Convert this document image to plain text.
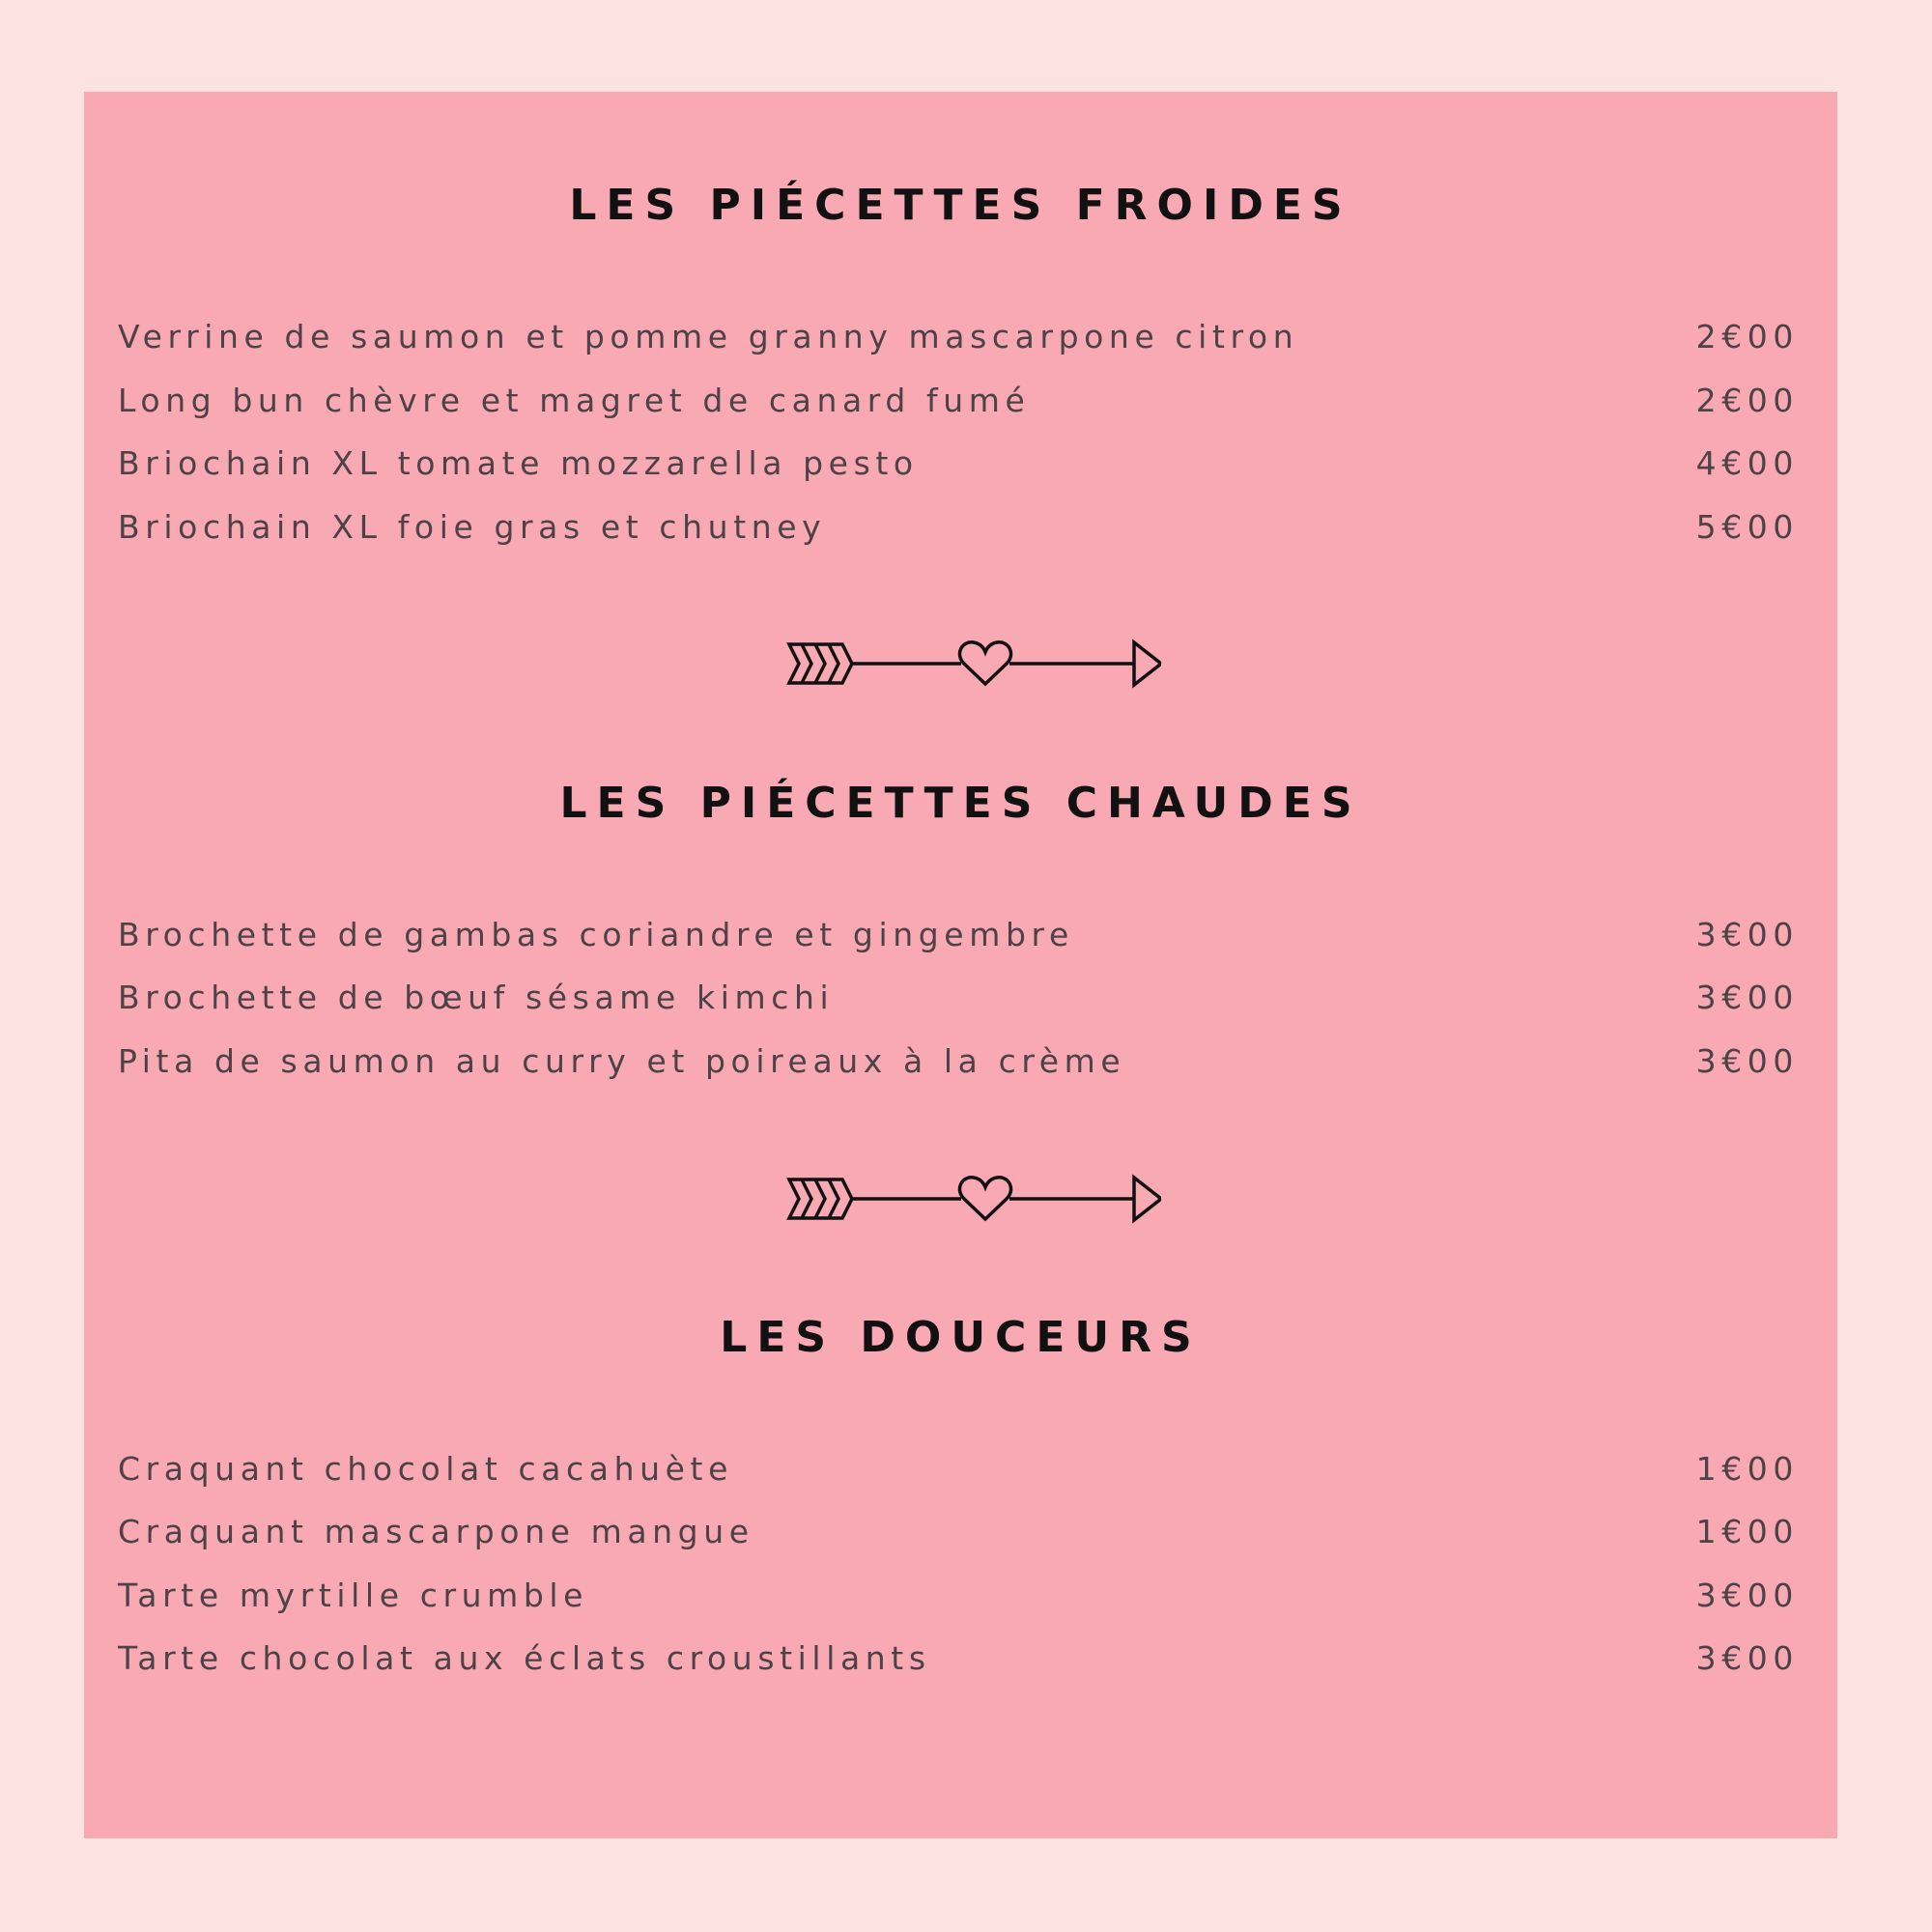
LES PIÉCETTES FROIDES
Verrine de saumon et pomme granny mascarpone citron	2€00
Long bun chèvre et magret de canard fumé	2€00
Briochain XL tomate mozzarella pesto	4€00
Briochain XL foie gras et chutney	5€00
LES PIÉCETTES CHAUDES
Brochette de gambas coriandre et gingembre	3€00
Brochette de bœuf sésame kimchi	3€00
Pita de saumon au curry et poireaux à la crème	3€00
LES DOUCEURS
Craquant chocolat cacahuète	1€00
Craquant mascarpone mangue	1€00
Tarte myrtille crumble	3€00
Tarte chocolat aux éclats croustillants	3€00
